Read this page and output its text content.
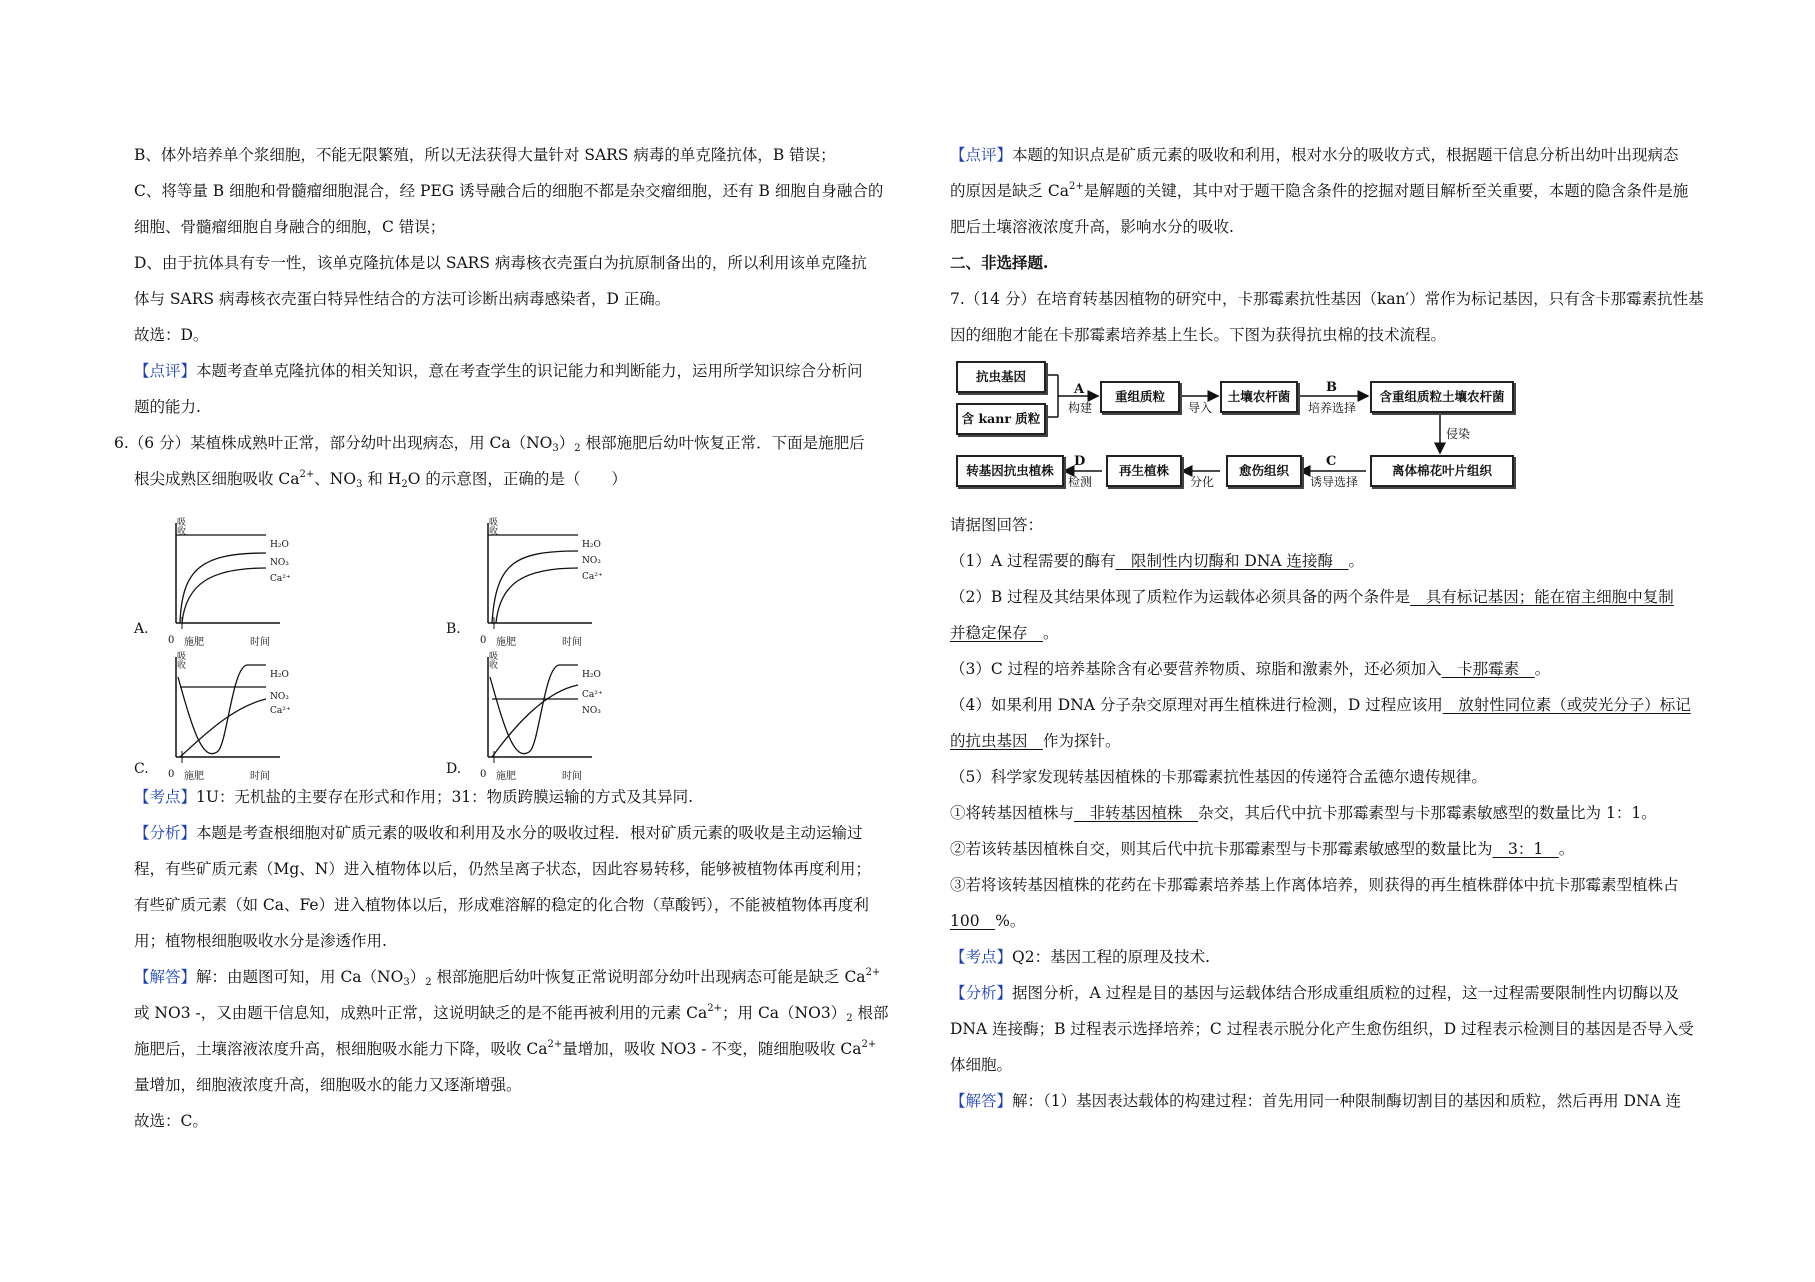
B、体外培养单个浆细胞，不能无限繁殖，所以无法获得大量针对 SARS 病毒的单克隆抗体，B 错误；

C、将等量 B 细胞和骨髓瘤细胞混合，经 PEG 诱导融合后的细胞不都是杂交瘤细胞，还有 B 细胞自身融合的

细胞、骨髓瘤细胞自身融合的细胞，C 错误；

D、由于抗体具有专一性，该单克隆抗体是以 SARS 病毒核衣壳蛋白为抗原制备出的，所以利用该单克隆抗

体与 SARS 病毒核衣壳蛋白特异性结合的方法可诊断出病毒感染者，D 正确。

故选：D。

【点评】本题考查单克隆抗体的相关知识，意在考查学生的识记能力和判断能力，运用所学知识综合分析问

题的能力.

6.（6 分）某植株成熟叶正常，部分幼叶出现病态，用 $Ca(NO_3)_2$ 根部施肥后幼叶恢复正常．下面是施肥后

根尖成熟区细胞吸收 $Ca^{2+}$、$NO_3$ 和 $H_2O$ 的示意图，正确的是（　　）

吸收
H₂O
NO₃
Ca²⁺
0 施肥	时间
A.
吸收
H₂O
NO₃
Ca²⁺
0 施肥	时间
B.
吸收
H₂O
NO₃
Ca²⁺
0 施肥	时间
C.
吸收
H₂O
Ca²⁺
NO₃
0 施肥	时间
D.

【考点】1U：无机盐的主要存在形式和作用；31：物质跨膜运输的方式及其异同.

【分析】本题是考查根细胞对矿质元素的吸收和利用及水分的吸收过程．根对矿质元素的吸收是主动运输过

程，有些矿质元素（Mg、N）进入植物体以后，仍然呈离子状态，因此容易转移，能够被植物体再度利用；

有些矿质元素（如 Ca、Fe）进入植物体以后，形成难溶解的稳定的化合物（草酸钙），不能被植物体再度利

用；植物根细胞吸收水分是渗透作用.

【解答】解：由题图可知，用 $Ca(NO_3)_2$ 根部施肥后幼叶恢复正常说明部分幼叶出现病态可能是缺乏 $Ca^{2+}$

或 NO3 -，又由题干信息知，成熟叶正常，这说明缺乏的是不能再被利用的元素 $Ca^{2+}$；用 $Ca(NO3)_2$ 根部

施肥后，土壤溶液浓度升高，根细胞吸水能力下降，吸收 $Ca^{2+}$量增加，吸收 NO3 - 不变，随细胞吸收 $Ca^{2+}$

量增加，细胞液浓度升高，细胞吸水的能力又逐渐增强。

故选：C。

【点评】本题的知识点是矿质元素的吸收和利用，根对水分的吸收方式，根据题干信息分析出幼叶出现病态

的原因是缺乏 $Ca^{2+}$是解题的关键，其中对于题干隐含条件的挖掘对题目解析至关重要，本题的隐含条件是施

肥后土壤溶液浓度升高，影响水分的吸收.

二、非选择题.

7.（14 分）在培育转基因植物的研究中，卡那霉素抗性基因（kan′）常作为标记基因，只有含卡那霉素抗性基

因的细胞才能在卡那霉素培养基上生长。下图为获得抗虫棉的技术流程。

抗虫基因
含 kanr 质粒
重组质粒	土壤农杆菌	含重组质粒土壤农杆菌
离体棉花叶片组织
愈伤组织
再生植株
转基因抗虫植株
A
构建	导入
B
培养选择
侵染
C
诱导选择
分化
D
检测

请据图回答：

（1）A 过程需要的酶有　限制性内切酶和 DNA 连接酶　。

（2）B 过程及其结果体现了质粒作为运载体必须具备的两个条件是　具有标记基因；能在宿主细胞中复制

并稳定保存　。

（3）C 过程的培养基除含有必要营养物质、琼脂和激素外，还必须加入　卡那霉素　。

（4）如果利用 DNA 分子杂交原理对再生植株进行检测，D 过程应该用　放射性同位素（或荧光分子）标记

的抗虫基因　作为探针。

（5）科学家发现转基因植株的卡那霉素抗性基因的传递符合孟德尔遗传规律。

①将转基因植株与　非转基因植株　杂交，其后代中抗卡那霉素型与卡那霉素敏感型的数量比为 1：1。

②若该转基因植株自交，则其后代中抗卡那霉素型与卡那霉素敏感型的数量比为　3：1　。

③若将该转基因植株的花药在卡那霉素培养基上作离体培养，则获得的再生植株群体中抗卡那霉素型植株占

100　%。

【考点】Q2：基因工程的原理及技术.

【分析】据图分析，A 过程是目的基因与运载体结合形成重组质粒的过程，这一过程需要限制性内切酶以及

DNA 连接酶；B 过程表示选择培养；C 过程表示脱分化产生愈伤组织，D 过程表示检测目的基因是否导入受

体细胞。

【解答】解：（1）基因表达载体的构建过程：首先用同一种限制酶切割目的基因和质粒，然后再用 DNA 连
